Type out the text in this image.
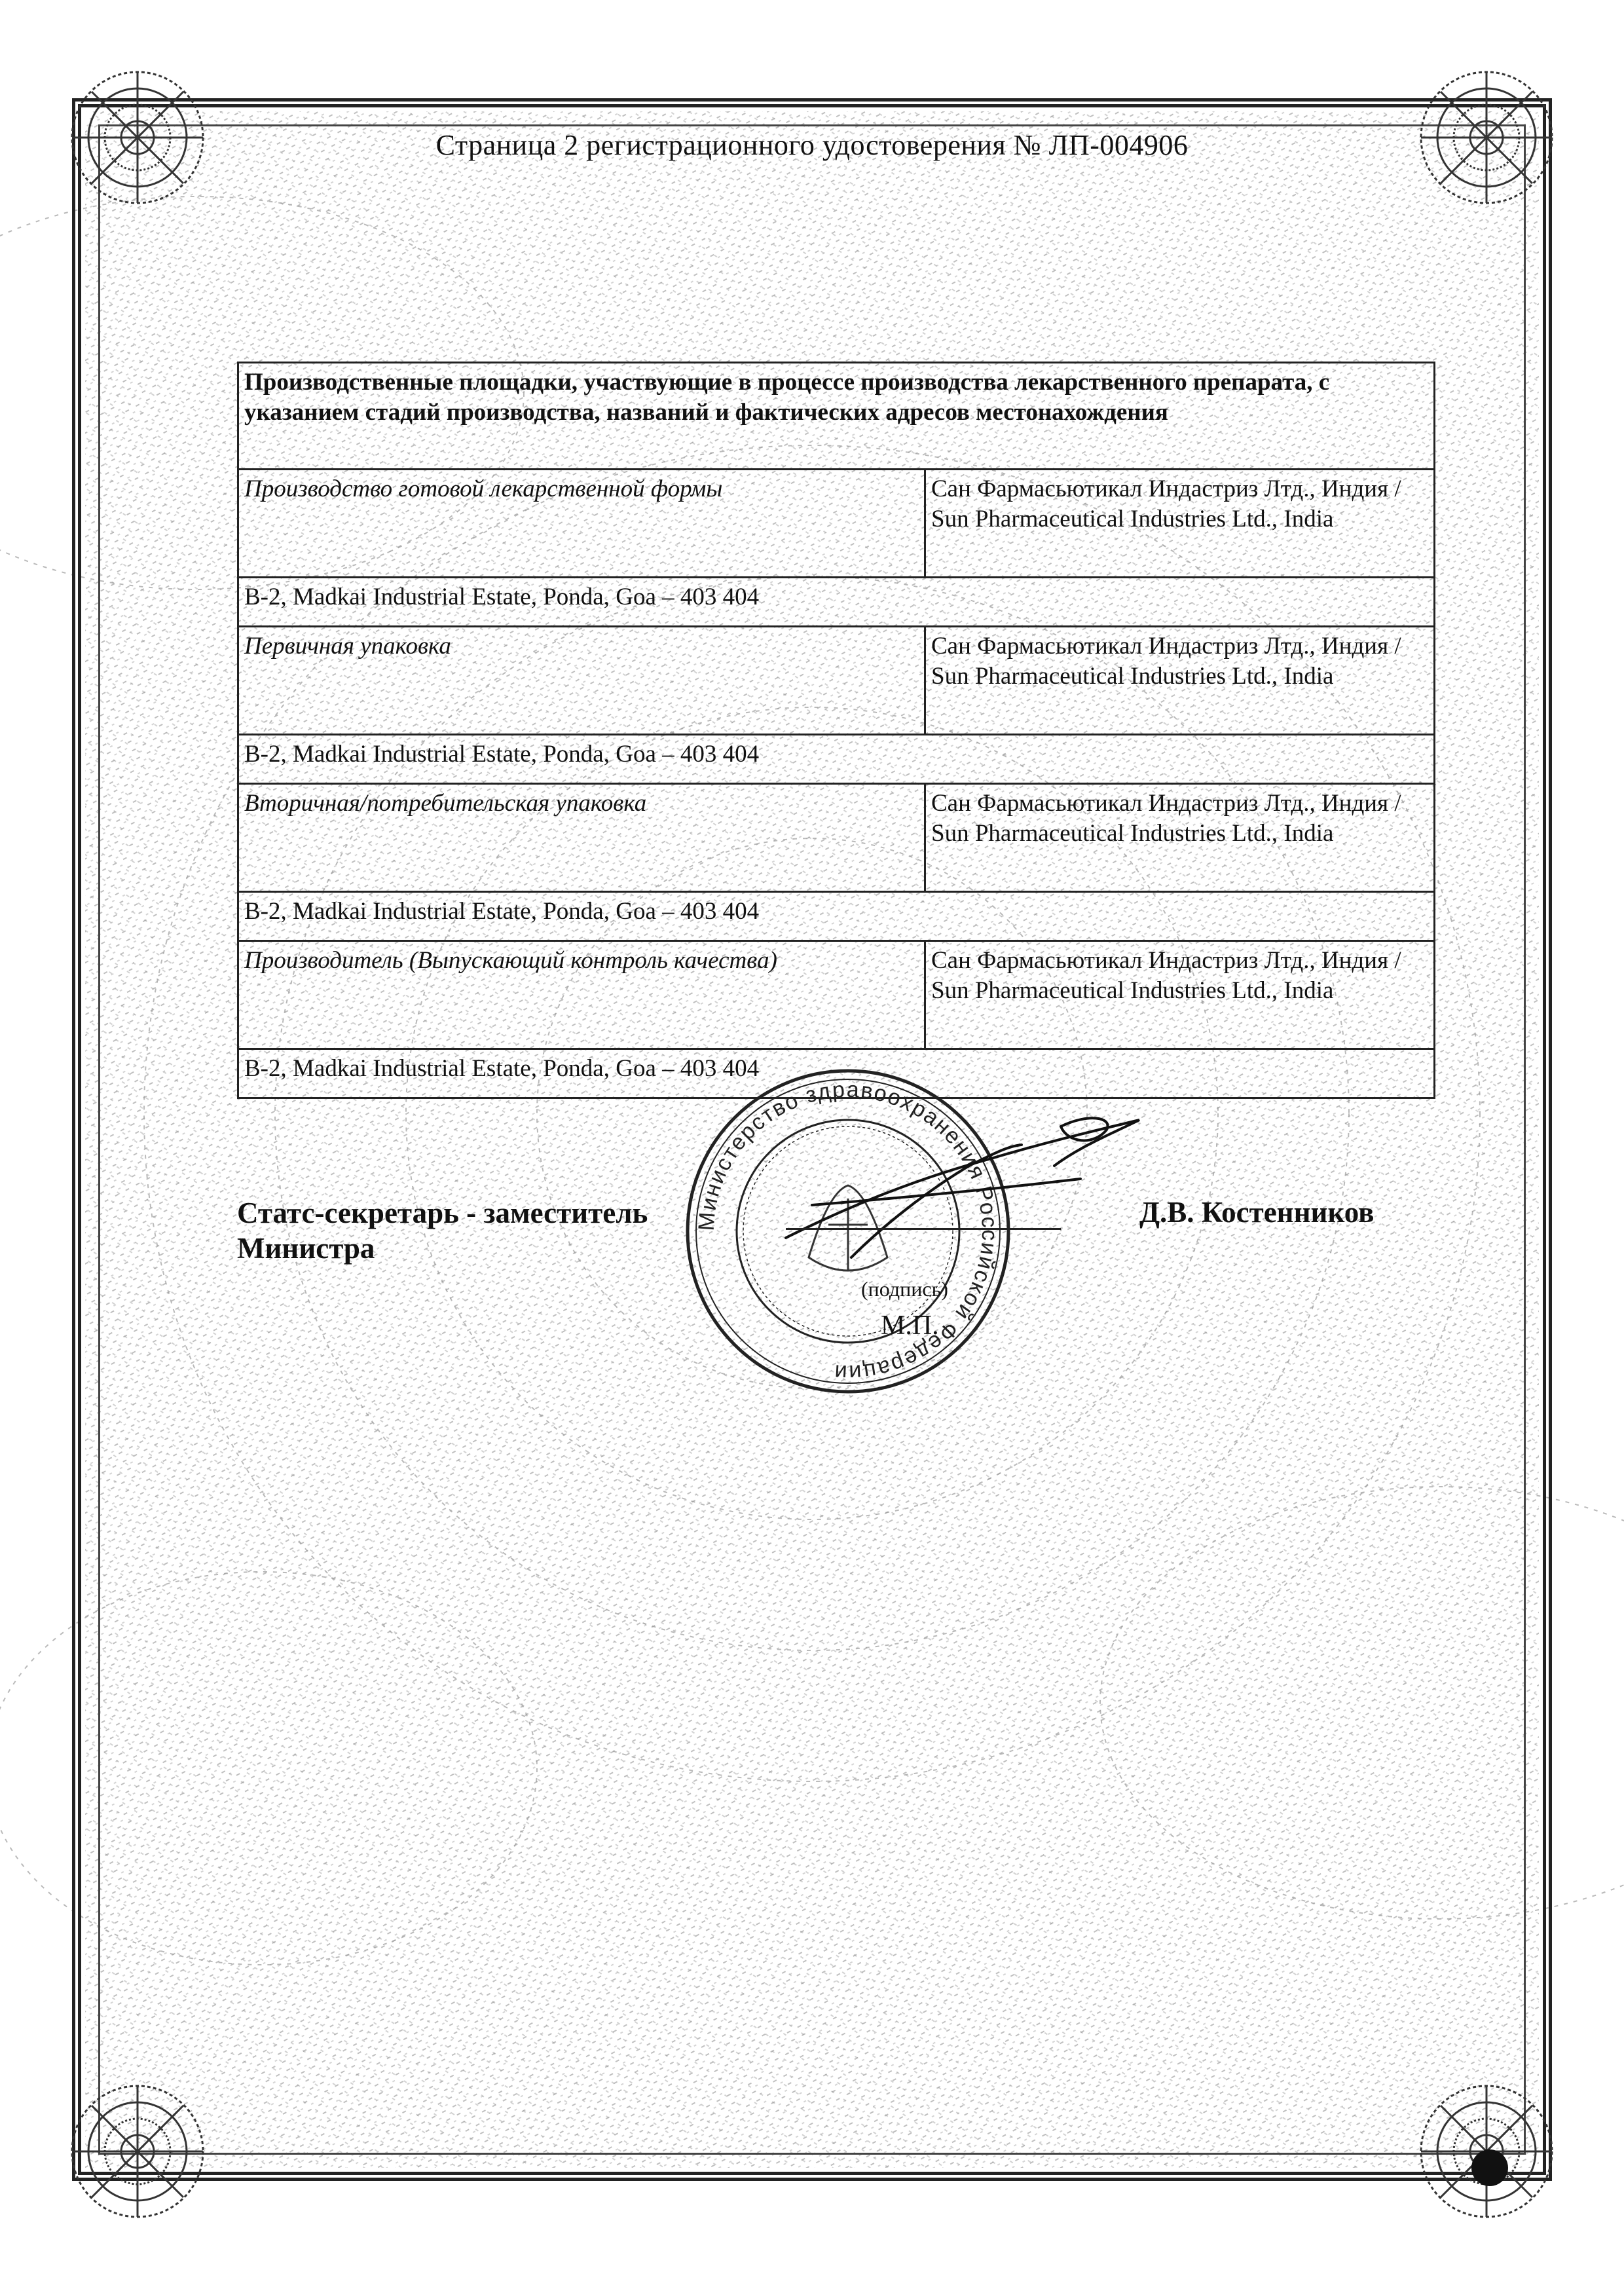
Страница 2 регистрационного удостоверения № ЛП-004906
Производственные площадки, участвующие в процессе производства лекарственного препарата, с указанием стадий производства, названий и фактических адресов местонахождения	
Производство готовой лекарственной формы	Сан Фармасьютикал Индастриз Лтд., Индия / Sun Pharmaceutical Industries Ltd., India
B-2, Madkai Industrial Estate, Ponda, Goa – 403 404	
Первичная упаковка	Сан Фармасьютикал Индастриз Лтд., Индия / Sun Pharmaceutical Industries Ltd., India
B-2, Madkai Industrial Estate, Ponda, Goa – 403 404	
Вторичная/потребительская упаковка	Сан Фармасьютикал Индастриз Лтд., Индия / Sun Pharmaceutical Industries Ltd., India
B-2, Madkai Industrial Estate, Ponda, Goa – 403 404	
Производитель (Выпускающий контроль качества)	Сан Фармасьютикал Индастриз Лтд., Индия / Sun Pharmaceutical Industries Ltd., India
B-2, Madkai Industrial Estate, Ponda, Goa – 403 404	
Министерство здравоохранения Российской Федерации
Статс-секретарь - заместитель
Министра
(подпись)
М.П.
Д.В. Костенников
